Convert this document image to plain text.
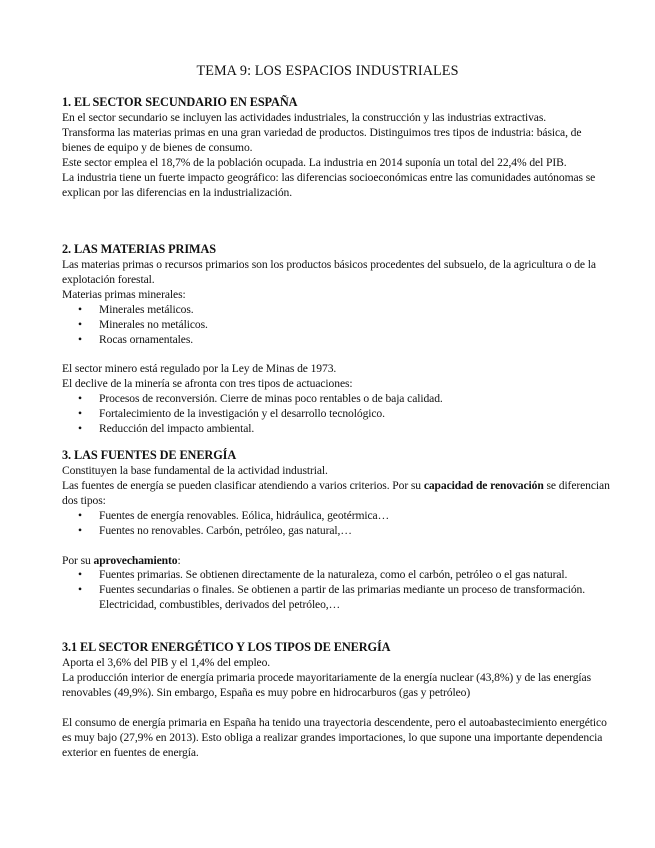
TEMA 9: LOS ESPACIOS INDUSTRIALES
1. EL SECTOR SECUNDARIO EN ESPAÑA

En el sector secundario se incluyen las actividades industriales, la construcción y las industrias extractivas.

Transforma las materias primas en una gran variedad de productos. Distinguimos tres tipos de industria: básica, de bienes de equipo y de bienes de consumo.

Este sector emplea el 18,7% de la población ocupada. La industria en 2014 suponía un total del 22,4% del PIB.

La industria tiene un fuerte impacto geográfico: las diferencias socioeconómicas entre las comunidades autónomas se explican por las diferencias en la industrialización.

2. LAS MATERIAS PRIMAS

Las materias primas o recursos primarios son los productos básicos procedentes del subsuelo, de la agricultura o de la explotación forestal.

Materias primas minerales:

• Minerales metálicos.
• Minerales no metálicos.
• Rocas ornamentales.

El sector minero está regulado por la Ley de Minas de 1973.

El declive de la minería se afronta con tres tipos de actuaciones:

• Procesos de reconversión. Cierre de minas poco rentables o de baja calidad.
• Fortalecimiento de la investigación y el desarrollo tecnológico.
• Reducción del impacto ambiental.
3. LAS FUENTES DE ENERGÍA

Constituyen la base fundamental de la actividad industrial.

Las fuentes de energía se pueden clasificar atendiendo a varios criterios. Por su capacidad de renovación se diferencian dos tipos:

• Fuentes de energía renovables. Eólica, hidráulica, geotérmica…
• Fuentes no renovables. Carbón, petróleo, gas natural,…

Por su aprovechamiento:

• Fuentes primarias. Se obtienen directamente de la naturaleza, como el carbón, petróleo o el gas natural.
• Fuentes secundarias o finales. Se obtienen a partir de las primarias mediante un proceso de transformación. Electricidad, combustibles, derivados del petróleo,…
3.1 EL SECTOR ENERGÉTICO Y LOS TIPOS DE ENERGÍA

Aporta el 3,6% del PIB y el 1,4% del empleo.

La producción interior de energía primaria procede mayoritariamente de la energía nuclear (43,8%) y de las energías renovables (49,9%). Sin embargo, España es muy pobre en hidrocarburos (gas y petróleo)

El consumo de energía primaria en España ha tenido una trayectoria descendente, pero el autoabastecimiento energético es muy bajo (27,9% en 2013). Esto obliga a realizar grandes importaciones, lo que supone una importante dependencia exterior en fuentes de energía.
